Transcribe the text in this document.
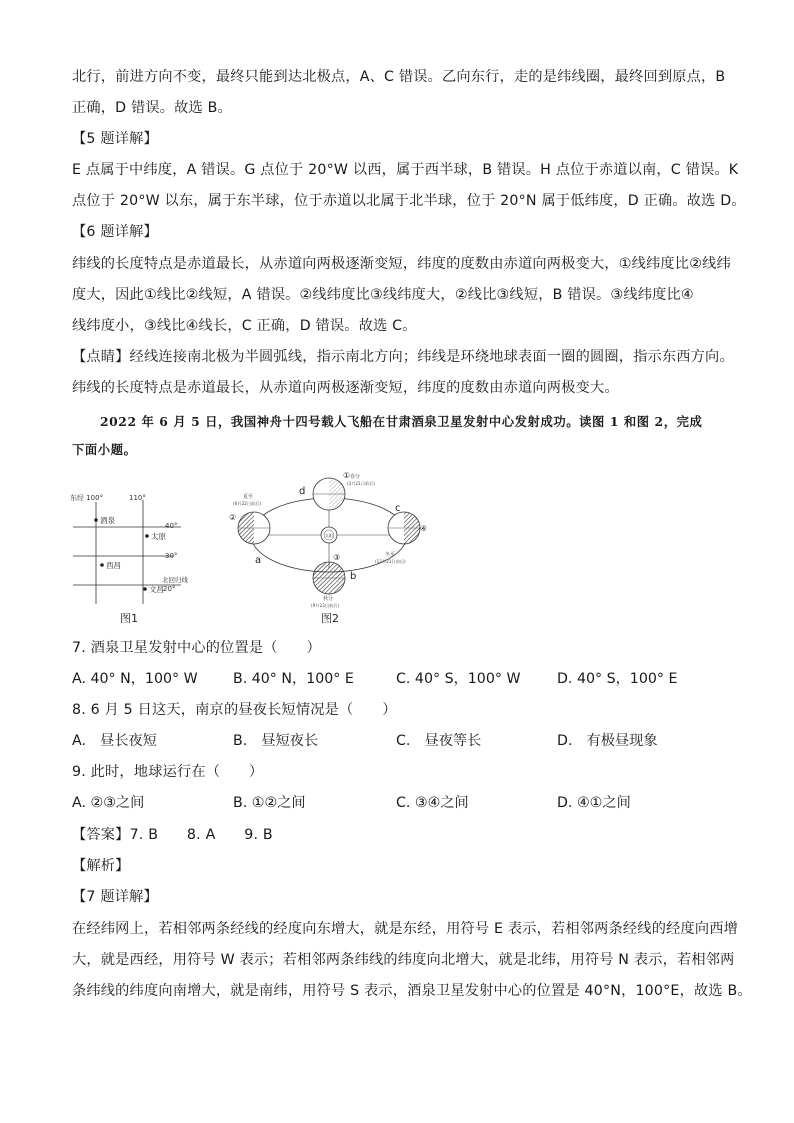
北行，前进方向不变，最终只能到达北极点，A、C 错误。乙向东行，走的是纬线圈，最终回到原点，B
正确，D 错误。故选 B。
【5 题详解】
E 点属于中纬度，A 错误。G 点位于 20°W 以西，属于西半球，B 错误。H 点位于赤道以南，C 错误。K
点位于 20°W 以东，属于东半球，位于赤道以北属于北半球，位于 20°N 属于低纬度，D 正确。故选 D。
【6 题详解】
纬线的长度特点是赤道最长，从赤道向两极逐渐变短，纬度的度数由赤道向两极变大，①线纬度比②线纬
度大，因此①线比②线短，A 错误。②线纬度比③线纬度大，②线比③线短，B 错误。③线纬度比④
线纬度小，③线比④线长，C 正确，D 错误。故选 C。
【点睛】经线连接南北极为半圆弧线，指示南北方向；纬线是环绕地球表面一圈的圆圈，指示东西方向。
纬线的长度特点是赤道最长，从赤道向两极逐渐变短，纬度的度数由赤道向两极变大。
2022 年 6 月 5 日，我国神舟十四号载人飞船在甘肃酒泉卫星发射中心发射成功。读图 1 和图 2，完成
下面小题。
东经 100°	110°
40°
30°
北回归线
20°
酒泉
太原
西昌
文昌
图1
太阳
d
c
a
b
①
②
③
④
春分
(3月21日前后)
夏至
(6月22日前后)
冬至
(12月22日前后)
秋分
(9月23日前后)
图2
7. 酒泉卫星发射中心的位置是（　　）
A. 40° N，100° W B. 40° N，100° E	C. 40° S，100° W	D. 40° S，100° E
8. 6 月 5 日这天，南京的昼夜长短情况是（　　）
A.　昼长夜短	B.　昼短夜长	C.　昼夜等长	D.　有极昼现象
9. 此时，地球运行在（　　）
A. ②③之间	B. ①②之间	C. ③④之间	D. ④①之间
【答案】7. B　　8. A　　9. B
【解析】
【7 题详解】
在经纬网上，若相邻两条经线的经度向东增大，就是东经，用符号 E 表示，若相邻两条经线的经度向西增
大，就是西经，用符号 W 表示；若相邻两条纬线的纬度向北增大，就是北纬，用符号 N 表示，若相邻两
条纬线的纬度向南增大，就是南纬，用符号 S 表示，酒泉卫星发射中心的位置是 40°N，100°E，故选 B。
